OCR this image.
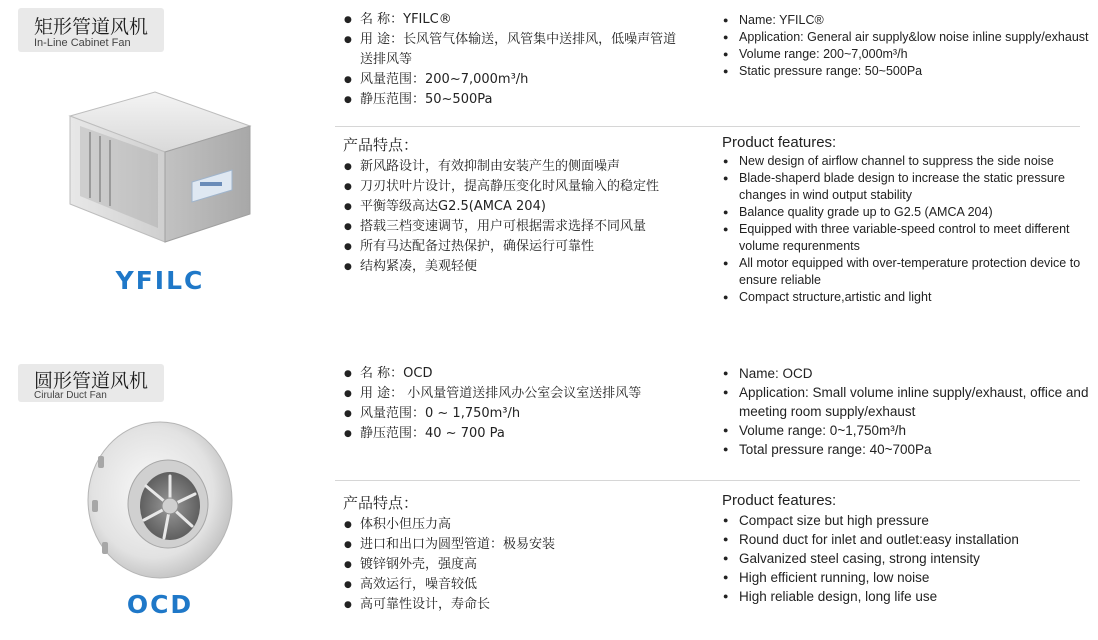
矩形管道风机
In-Line Cabinet Fan
YFILC
● 名 称：YFILC®
● 用 途：长风管气体输送，风管集中送排风，低噪声管道送排风等
● 风量范围：200~7,000m³/h
● 静压范围：50~500Pa
● Name: YFILC®
● Application: General air supply&low noise inline supply/exhaust
● Volume range: 200~7,000m³/h
● Static pressure range: 50~500Pa
产品特点：
● 新风路设计，有效抑制由安装产生的侧面噪声
● 刀刃状叶片设计，提高静压变化时风量输入的稳定性
● 平衡等级高达G2.5(AMCA 204)
● 搭载三档变速调节，用户可根据需求选择不同风量
● 所有马达配备过热保护，确保运行可靠性
● 结构紧凑，美观轻便
Product features:
● New design of airflow channel to suppress the side noise
● Blade-shaperd blade design to increase the static pressure changes in wind output stability
● Balance quality grade up to G2.5 (AMCA 204)
● Equipped with three variable-speed control to meet different volume requrenments
● All motor equipped with over-temperature protection device to ensure reliable
● Compact structure,artistic and light
圆形管道风机
Cirular Duct Fan
OCD
● 名 称：OCD
● 用 途： 小风量管道送排风办公室会议室送排风等
● 风量范围：0 ~ 1,750m³/h
● 静压范围：40 ~ 700 Pa
● Name: OCD
● Application: Small volume inline supply/exhaust, office and meeting room supply/exhaust
● Volume range: 0~1,750m³/h
● Total pressure range: 40~700Pa
产品特点：
● 体积小但压力高
● 进口和出口为圆型管道：极易安装
● 镀锌钢外壳，强度高
● 高效运行，噪音较低
● 高可靠性设计，寿命长
Product features:
● Compact size but high pressure
● Round duct for inlet and outlet:easy installation
● Galvanized steel casing, strong intensity
● High efficient running, low noise
● High reliable design, long life use
